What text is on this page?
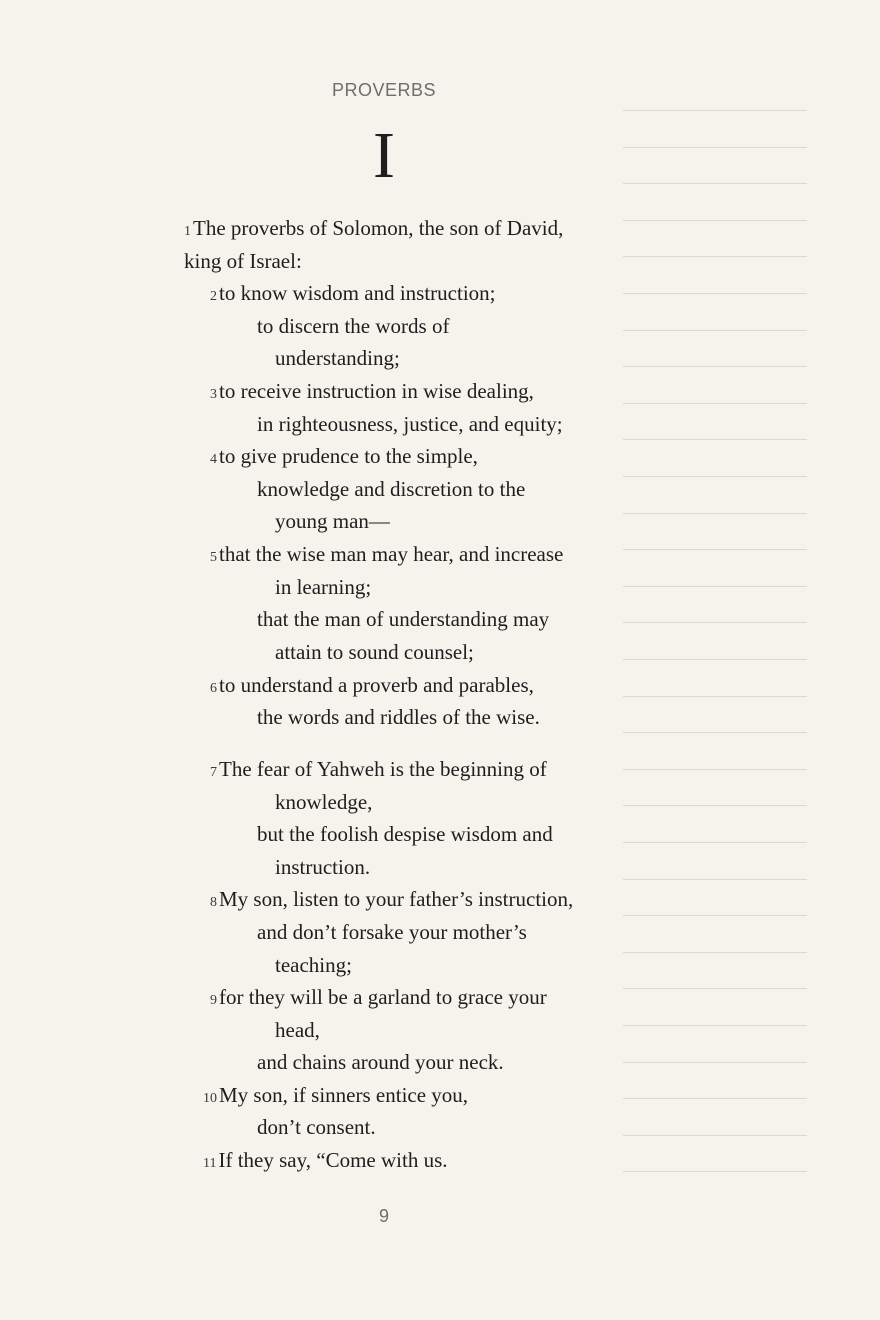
PROVERBS
I
1The proverbs of Solomon, the son of David,
king of Israel:
2to know wisdom and instruction;
to discern the words of
understanding;
3to receive instruction in wise dealing,
in righteousness, justice, and equity;
4to give prudence to the simple,
knowledge and discretion to the
young man—
5that the wise man may hear, and increase
in learning;
that the man of understanding may
attain to sound counsel;
6to understand a proverb and parables,
the words and riddles of the wise.
7The fear of Yahweh is the beginning of
knowledge,
but the foolish despise wisdom and
instruction.
8My son, listen to your father’s instruction,
and don’t forsake your mother’s
teaching;
9for they will be a garland to grace your
head,
and chains around your neck.
10My son, if sinners entice you,
don’t consent.
11If they say, “Come with us.
9
